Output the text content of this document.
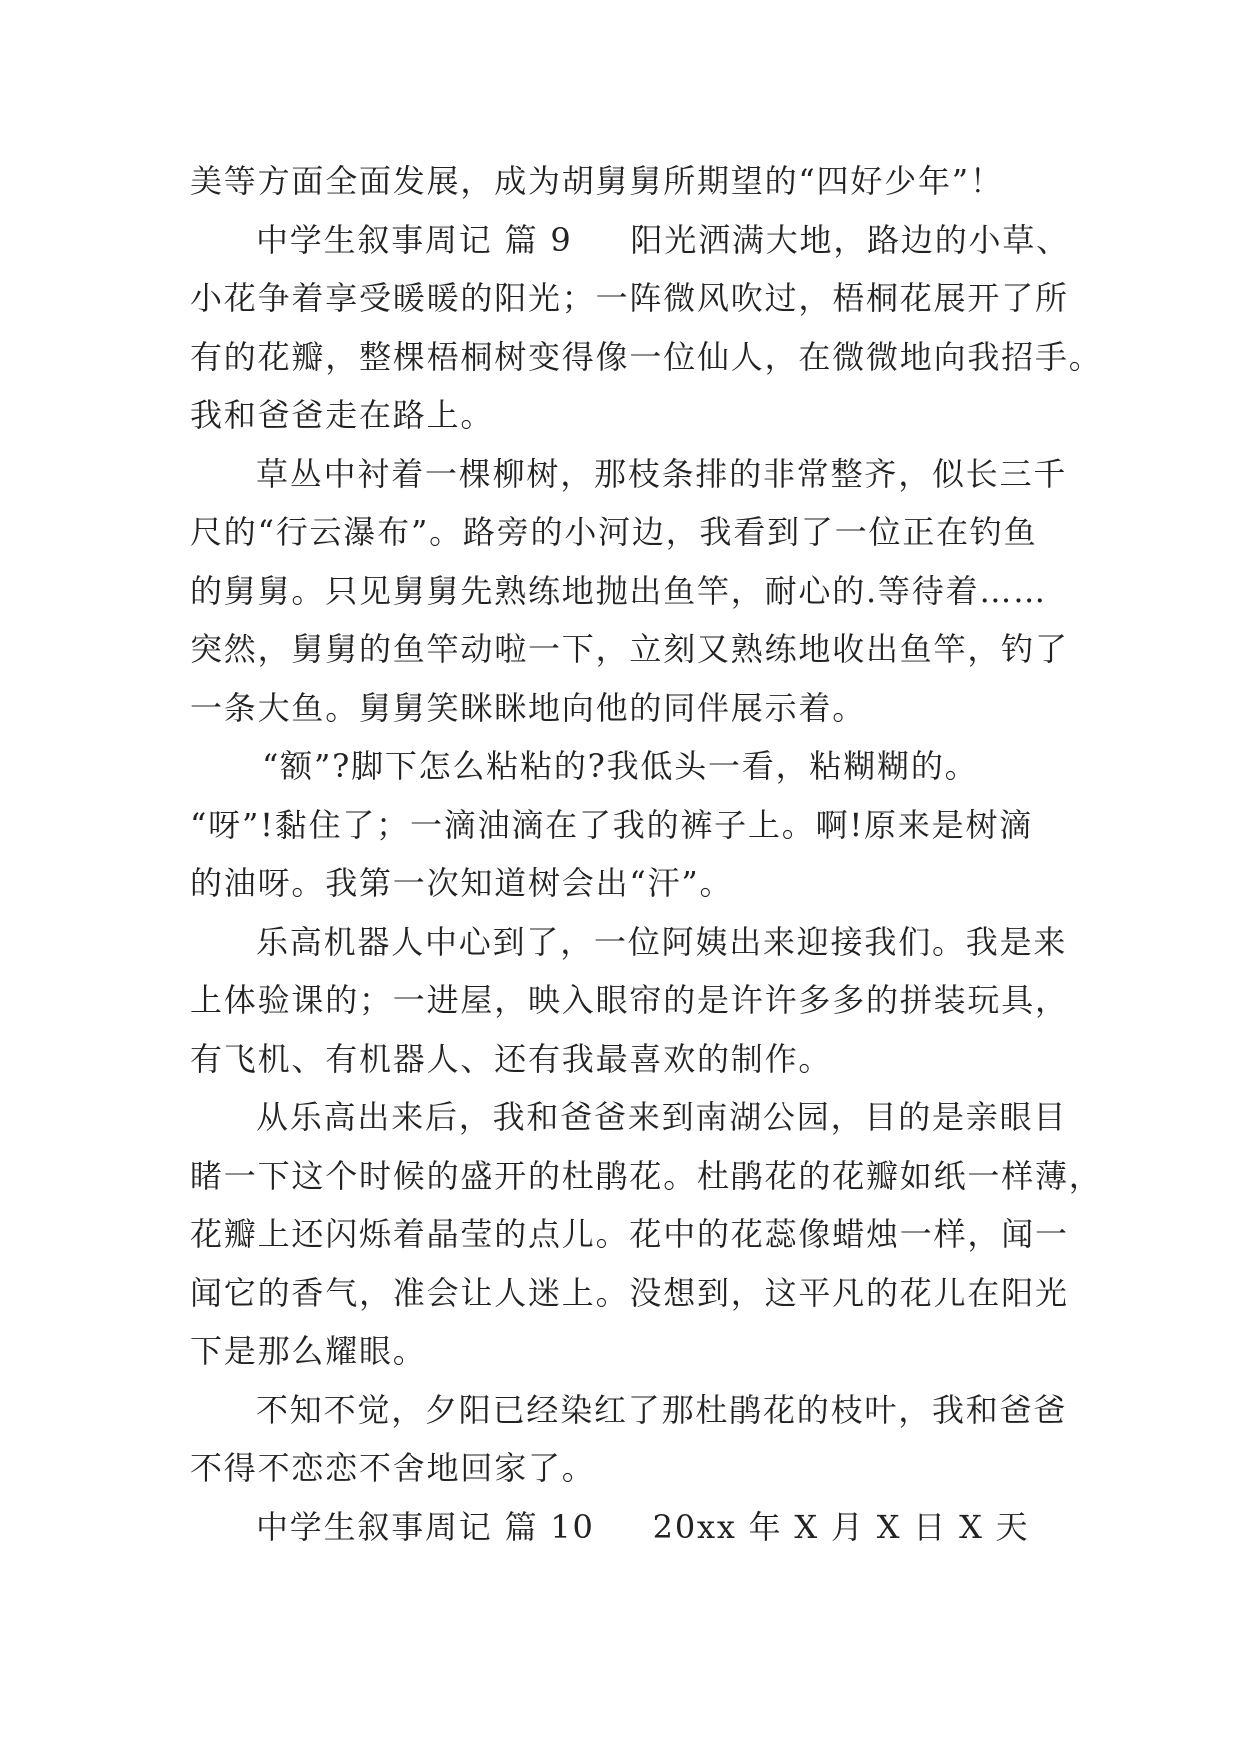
美等方面全面发展，成为胡舅舅所期望的“四好少年”！
中学生叙事周记 篇 9 阳光洒满大地，路边的小草、
小花争着享受暖暖的阳光；一阵微风吹过，梧桐花展开了所
有的花瓣，整棵梧桐树变得像一位仙人，在微微地向我招手。
我和爸爸走在路上。
草丛中衬着一棵柳树，那枝条排的非常整齐，似长三千
尺的“行云瀑布”。路旁的小河边，我看到了一位正在钓鱼
的舅舅。只见舅舅先熟练地抛出鱼竿，耐心的.等待着……
突然，舅舅的鱼竿动啦一下，立刻又熟练地收出鱼竿，钓了
一条大鱼。舅舅笑眯眯地向他的同伴展示着。
“额”?脚下怎么粘粘的?我低头一看，粘糊糊的。
“呀”!黏住了；一滴油滴在了我的裤子上。啊!原来是树滴
的油呀。我第一次知道树会出“汗”。
乐高机器人中心到了，一位阿姨出来迎接我们。我是来
上体验课的；一进屋，映入眼帘的是许许多多的拼装玩具，
有飞机、有机器人、还有我最喜欢的制作。
从乐高出来后，我和爸爸来到南湖公园，目的是亲眼目
睹一下这个时候的盛开的杜鹃花。杜鹃花的花瓣如纸一样薄，
花瓣上还闪烁着晶莹的点儿。花中的花蕊像蜡烛一样，闻一
闻它的香气，准会让人迷上。没想到，这平凡的花儿在阳光
下是那么耀眼。
不知不觉，夕阳已经染红了那杜鹃花的枝叶，我和爸爸
不得不恋恋不舍地回家了。
中学生叙事周记 篇 10 20xx 年 X 月 X 日 X 天
